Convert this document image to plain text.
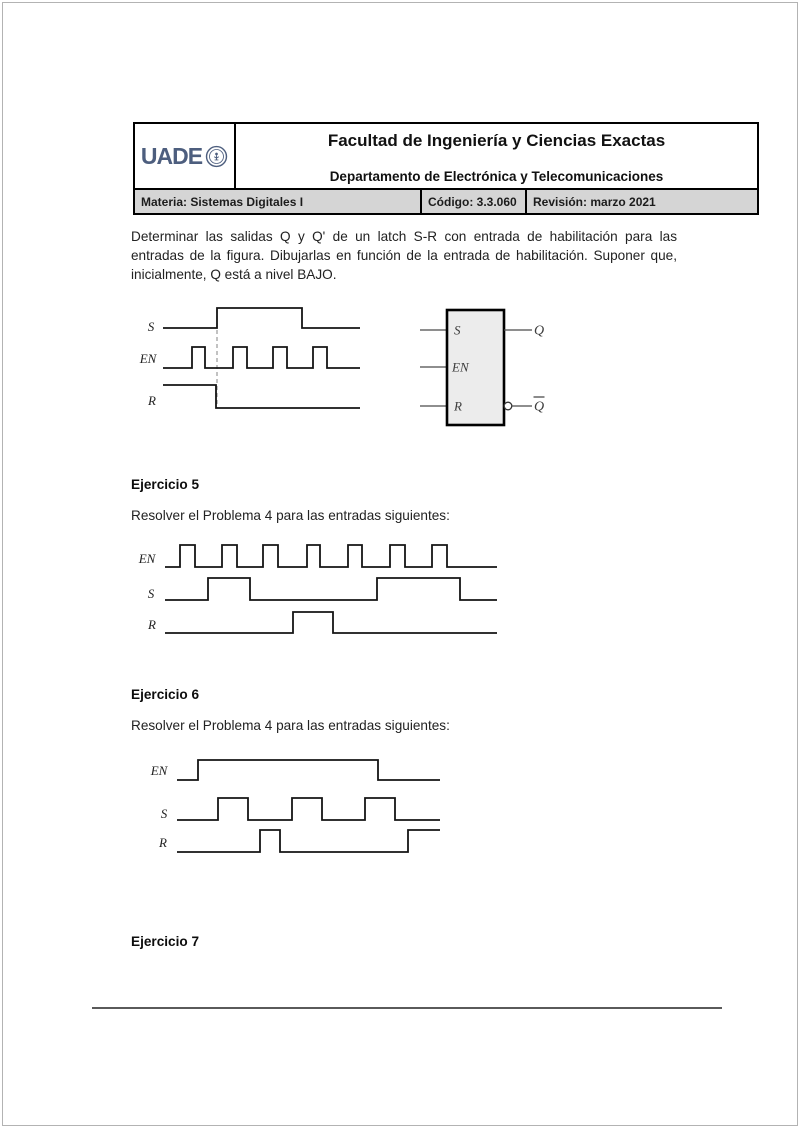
UADE
Facultad de Ingeniería y Ciencias Exactas
Departamento de Electrónica y Telecomunicaciones
Materia: Sistemas Digitales I	Código: 3.3.060	Revisión: marzo 2021
Determinar las salidas Q y Q' de un latch S-R con entrada de habilitación para las
entradas de la figura. Dibujarlas en función de la entrada de habilitación. Suponer que,
inicialmente, Q está a nivel BAJO.
S
EN
R
S
EN
R
Q
Q
Ejercicio 5
Resolver el Problema 4 para las entradas siguientes:
EN
S
R
Ejercicio 6
Resolver el Problema 4 para las entradas siguientes:
EN
S
R
Ejercicio 7
